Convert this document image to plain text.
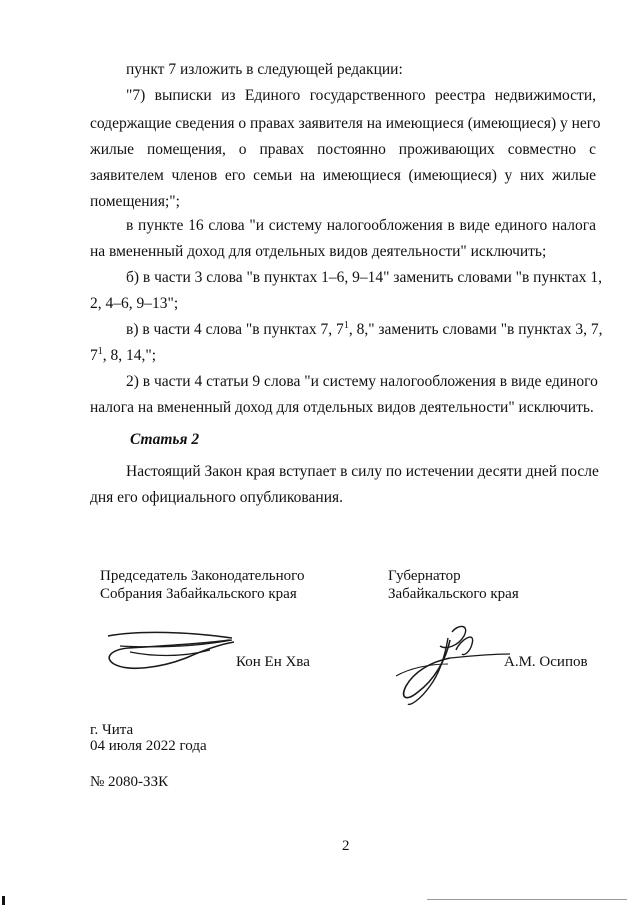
пункт 7 изложить в следующей редакции:
"7) выписки из Единого государственного реестра недвижимости,
содержащие сведения о правах заявителя на имеющиеся (имеющиеся) у него
жилые помещения, о правах постоянно проживающих совместно с
заявителем членов его семьи на имеющиеся (имеющиеся) у них жилые
помещения;";
в пункте 16 слова "и систему налогообложения в виде единого налога
на вмененный доход для отдельных видов деятельности" исключить;
б) в части 3 слова "в пунктах 1–6, 9–14" заменить словами "в пунктах 1,
2, 4–6, 9–13";
в) в части 4 слова "в пунктах 7, $7^1$, 8," заменить словами "в пунктах 3, 7,
$7^1$, 8, 14,";
2) в части 4 статьи 9 слова "и систему налогообложения в виде единого
налога на вмененный доход для отдельных видов деятельности" исключить.
Статья 2
Настоящий Закон края вступает в силу по истечении десяти дней после
дня его официального опубликования.
Председатель Законодательного
Собрания Забайкальского края
Кон Ен Хва
Губернатор
Забайкальского края
А.М. Осипов
г. Чита
04 июля 2022 года
№ 2080-ЗЗК
2
